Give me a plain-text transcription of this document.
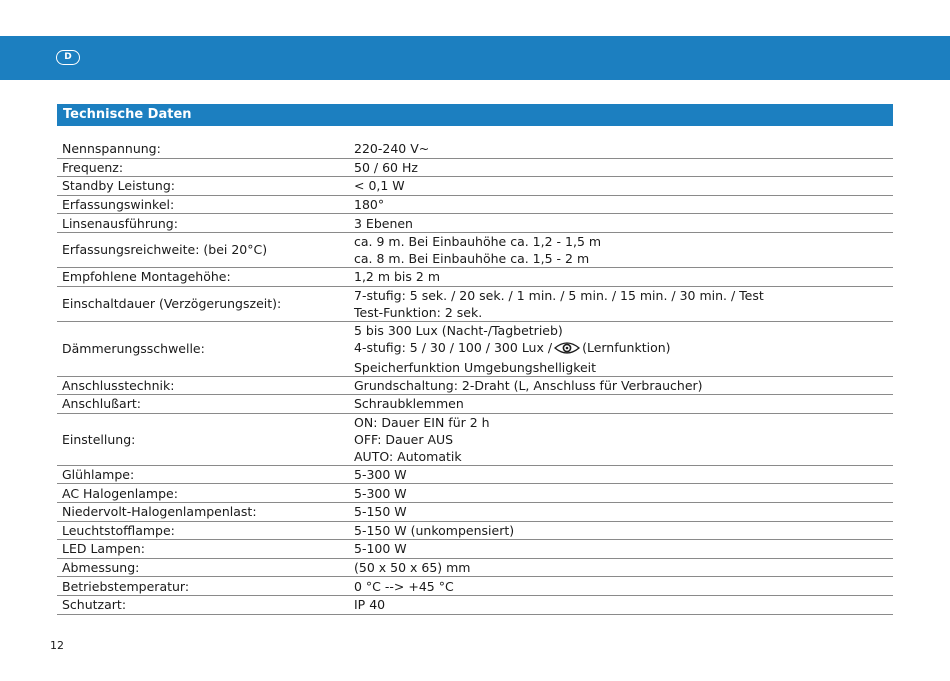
D
Technische Daten
Nennspannung:	220-240 V~

Frequenz:	50 / 60 Hz

Standby Leistung:	< 0,1 W

Erfassungswinkel:	180°

Linsenausführung:	3 Ebenen

Erfassungsreichweite: (bei 20°C)	ca. 9 m. Bei Einbauhöhe ca. 1,2 - 1,5 m
ca. 8 m. Bei Einbauhöhe ca. 1,5 - 2 m

Empfohlene Montagehöhe:	1,2 m bis 2 m

Einschaltdauer (Verzögerungszeit):	7-stufig: 5 sek. / 20 sek. / 1 min. / 5 min. / 15 min. / 30 min. / Test
Test-Funktion: 2 sek.

Dämmerungsschwelle:	5 bis 300 Lux (Nacht-/Tagbetrieb)
4-stufig: 5 / 30 / 100 / 300 Lux / (Lernfunktion)
Speicherfunktion Umgebungshelligkeit

Anschlusstechnik:	Grundschaltung: 2-Draht (L, Anschluss für Verbraucher)

Anschlußart:	Schraubklemmen

Einstellung:	ON: Dauer EIN für 2 h
OFF: Dauer AUS
AUTO: Automatik

Glühlampe:	5-300 W

AC Halogenlampe:	5-300 W

Niedervolt-Halogenlampenlast:	5-150 W

Leuchtstofflampe:	5-150 W (unkompensiert)

LED Lampen:	5-100 W

Abmessung:	(50 x 50 x 65) mm

Betriebstemperatur:	0 °C --> +45 °C

Schutzart:	IP 40
12
